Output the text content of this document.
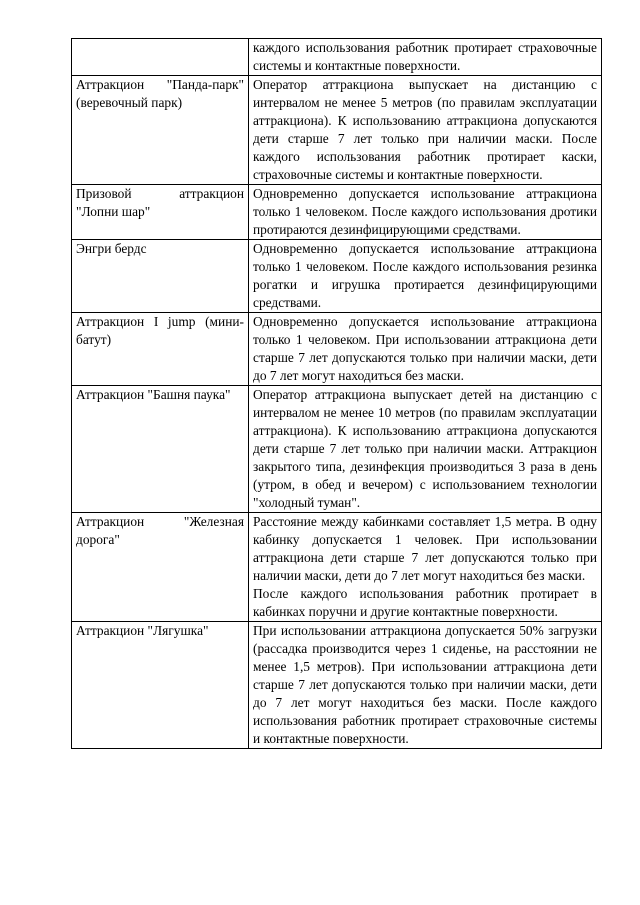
	каждого использования работник протирает страховочные системы и контактные поверхности.

Аттракцион "Панда-парк" (веревочный парк)	Оператор аттракциона выпускает на дистанцию с интервалом не менее 5 метров (по правилам эксплуатации аттракциона). К использованию аттракциона допускаются дети старше 7 лет только при наличии маски. После каждого использования работник протирает каски, страховочные системы и контактные поверхности.

Призовой аттракцион "Лопни шар"	Одновременно допускается использование аттракциона только 1 человеком. После каждого использования дротики протираются дезинфицирующими средствами.

Энгри бердс	Одновременно допускается использование аттракциона только 1 человеком. После каждого использования резинка рогатки и игрушка протирается дезинфицирующими средствами.

Аттракцион I jump (мини-батут)	Одновременно допускается использование аттракциона только 1 человеком. При использовании аттракциона дети старше 7 лет допускаются только при наличии маски, дети до 7 лет могут находиться без маски.

Аттракцион "Башня паука"	Оператор аттракциона выпускает детей на дистанцию с интервалом не менее 10 метров (по правилам эксплуатации аттракциона). К использованию аттракциона допускаются дети старше 7 лет только при наличии маски. Аттракцион закрытого типа, дезинфекция производиться 3 раза в день (утром, в обед и вечером) с использованием технологии "холодный туман".

Аттракцион "Железная дорога"	Расстояние между кабинками составляет 1,5 метра. В одну кабинку допускается 1 человек. При использовании аттракциона дети старше 7 лет допускаются только при наличии маски, дети до 7 лет могут находиться без маски.
После каждого использования работник протирает в кабинках поручни и другие контактные поверхности.

Аттракцион "Лягушка"	При использовании аттракциона допускается 50% загрузки (рассадка производится через 1 сиденье, на расстоянии не менее 1,5 метров). При использовании аттракциона дети старше 7 лет допускаются только при наличии маски, дети до 7 лет могут находиться без маски. После каждого использования работник протирает страховочные системы и контактные поверхности.
